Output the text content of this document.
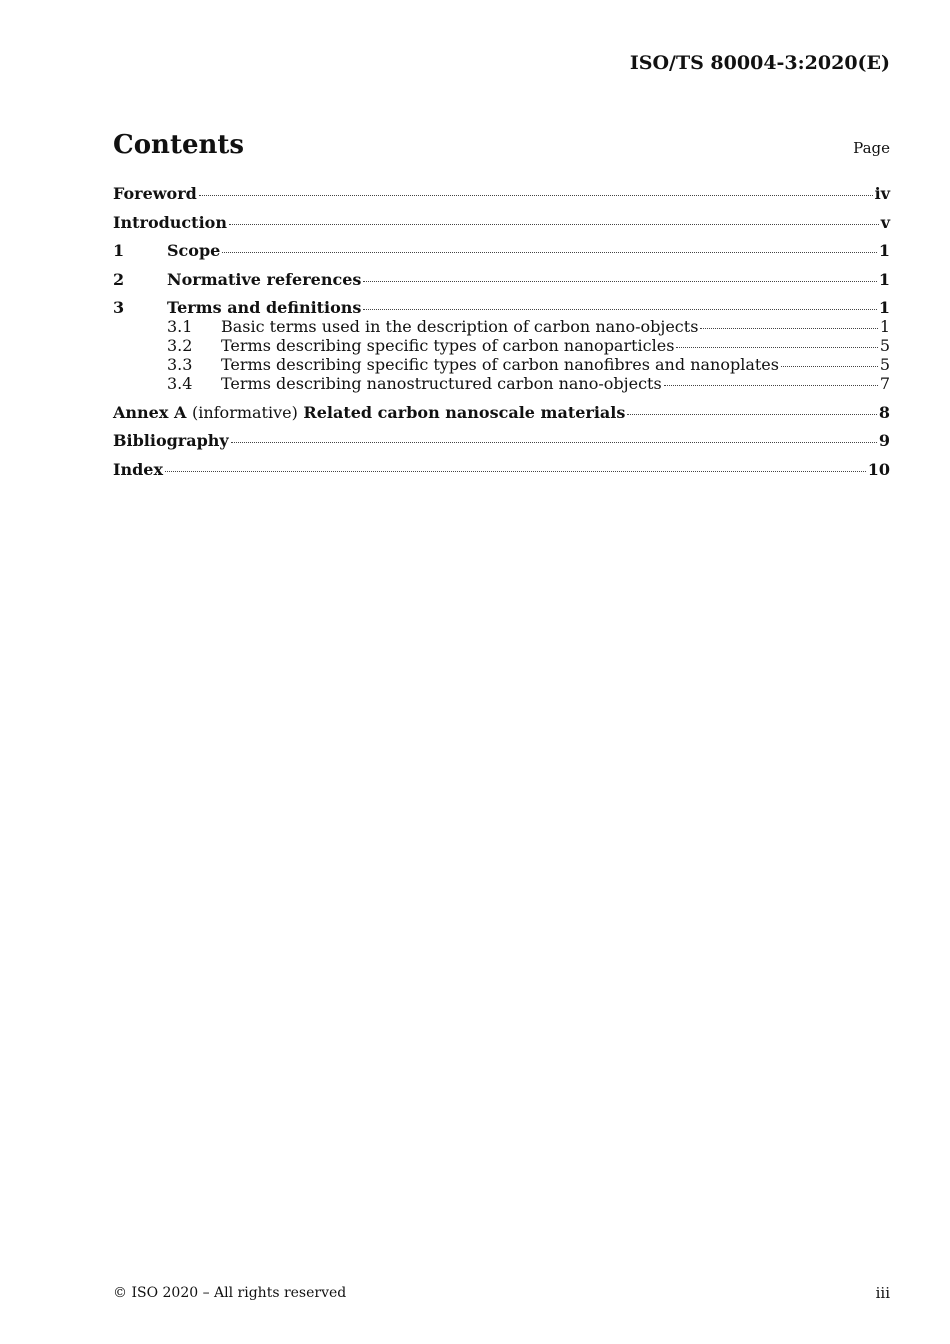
ISO/TS 80004-3:2020(E)
Contents	Page
Foreword	iv
Introduction	v
1	Scope	1
2	Normative references	1
3	Terms and definitions	1
3.1	Basic terms used in the description of carbon nano-objects	1
3.2	Terms describing specific types of carbon nanoparticles	5
3.3	Terms describing specific types of carbon nanofibres and nanoplates	5
3.4	Terms describing nanostructured carbon nano-objects	7
Annex A (informative) Related carbon nanoscale materials	8
Bibliography	9
Index	10
© ISO 2020 – All rights reserved	iii
